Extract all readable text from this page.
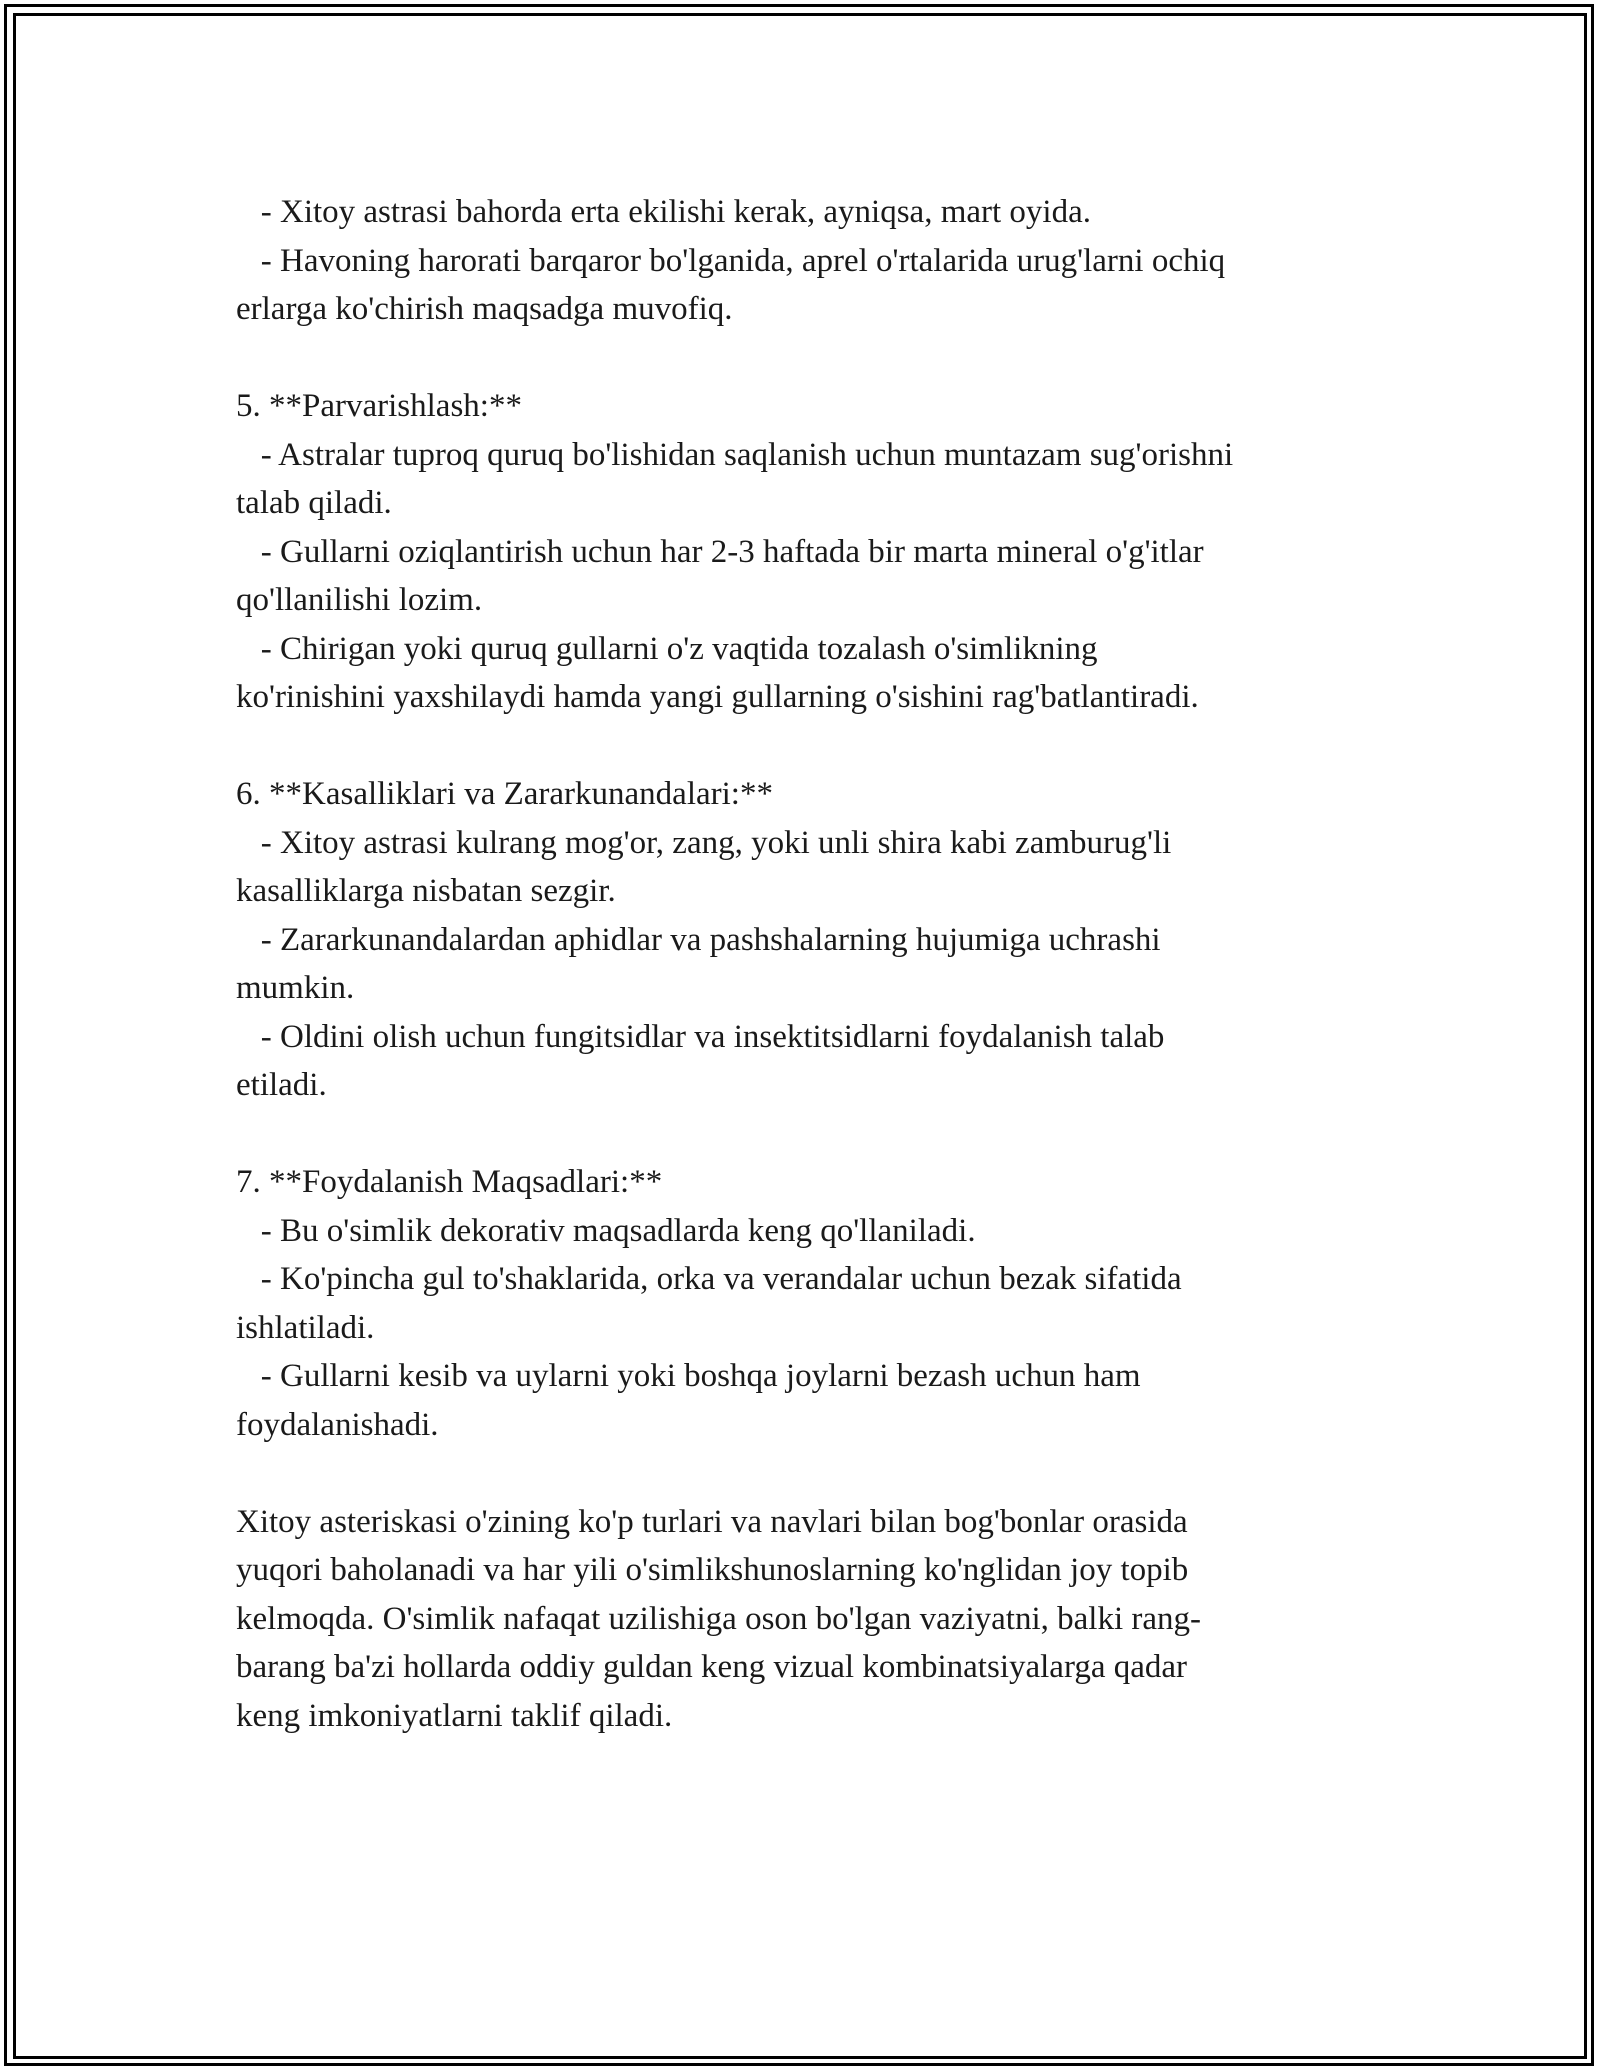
- Xitoy astrasi bahorda erta ekilishi kerak, ayniqsa, mart oyida.
- Havoning harorati barqaror bo'lganida, aprel o'rtalarida urug'larni ochiq
erlarga ko'chirish maqsadga muvofiq.
5. **Parvarishlash:**
- Astralar tuproq quruq bo'lishidan saqlanish uchun muntazam sug'orishni
talab qiladi.
- Gullarni oziqlantirish uchun har 2-3 haftada bir marta mineral o'g'itlar
qo'llanilishi lozim.
- Chirigan yoki quruq gullarni o'z vaqtida tozalash o'simlikning
ko'rinishini yaxshilaydi hamda yangi gullarning o'sishini rag'batlantiradi.
6. **Kasalliklari va Zararkunandalari:**
- Xitoy astrasi kulrang mog'or, zang, yoki unli shira kabi zamburug'li
kasalliklarga nisbatan sezgir.
- Zararkunandalardan aphidlar va pashshalarning hujumiga uchrashi
mumkin.
- Oldini olish uchun fungitsidlar va insektitsidlarni foydalanish talab
etiladi.
7. **Foydalanish Maqsadlari:**
- Bu o'simlik dekorativ maqsadlarda keng qo'llaniladi.
- Ko'pincha gul to'shaklarida, orka va verandalar uchun bezak sifatida
ishlatiladi.
- Gullarni kesib va uylarni yoki boshqa joylarni bezash uchun ham
foydalanishadi.
Xitoy asteriskasi o'zining ko'p turlari va navlari bilan bog'bonlar orasida
yuqori baholanadi va har yili o'simlikshunoslarning ko'nglidan joy topib
kelmoqda. O'simlik nafaqat uzilishiga oson bo'lgan vaziyatni, balki rang-
barang ba'zi hollarda oddiy guldan keng vizual kombinatsiyalarga qadar
keng imkoniyatlarni taklif qiladi.
